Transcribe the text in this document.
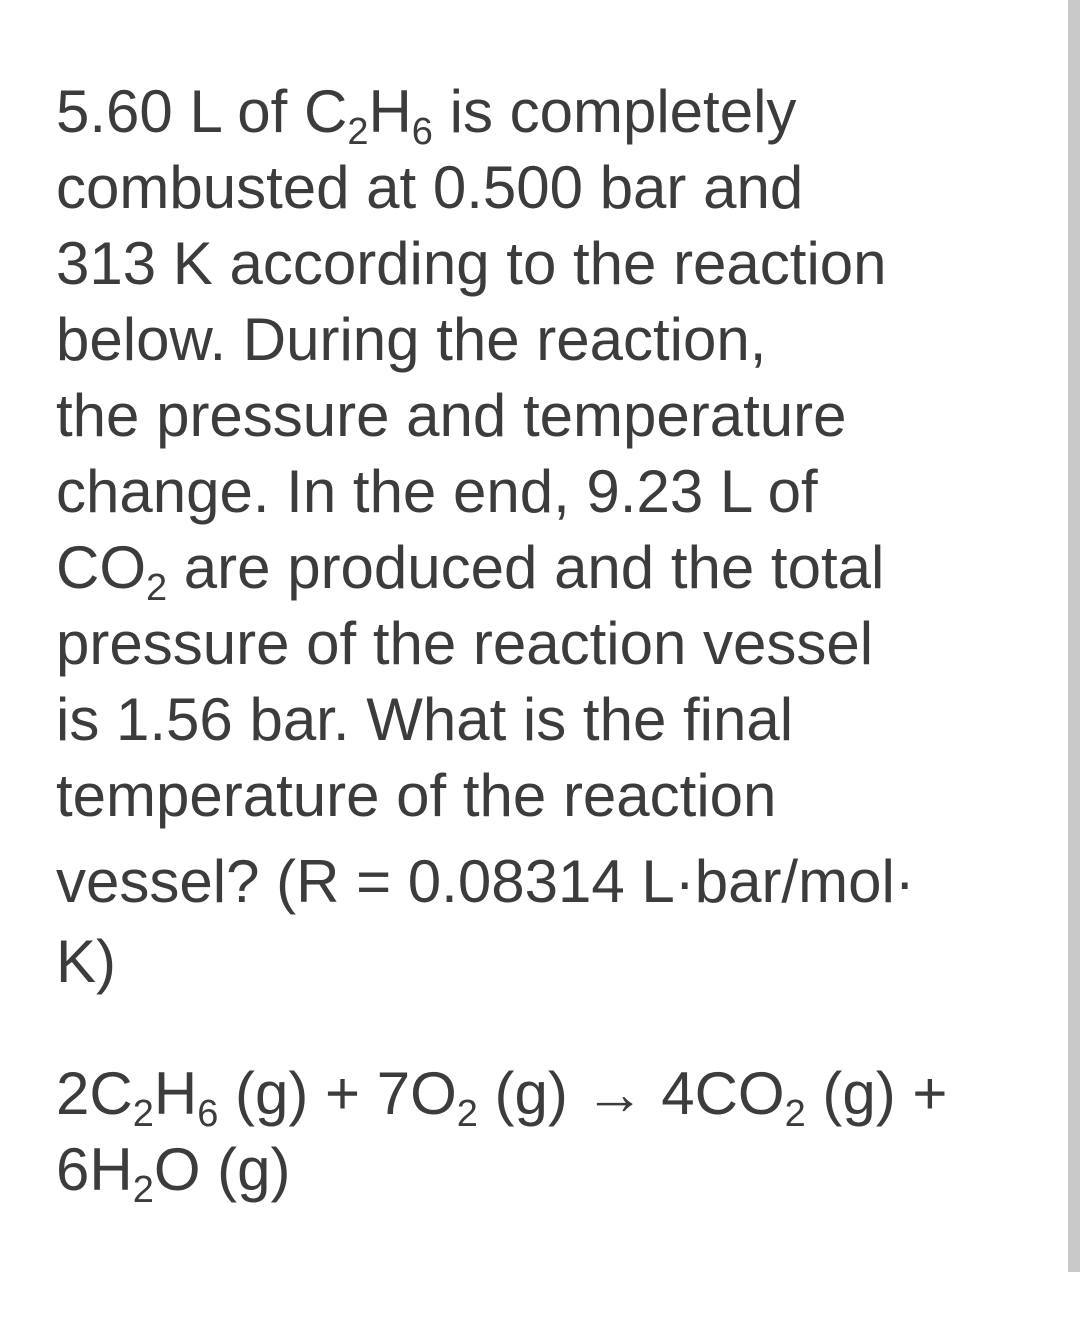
5.60 L of $C_2H_6$ is completely
combusted at 0.500 bar and
313 K according to the reaction
below. During the reaction,
the pressure and temperature
change. In the end, 9.23 L of
$CO_2$ are produced and the total
pressure of the reaction vessel
is 1.56 bar. What is the final
temperature of the reaction
vessel? (R = 0.08314 L·bar/mol·
K)
$2C_2H_6$ $(g) + 7O_2$ $(g) \to 4CO_2$ (g) +
$6H_2O$ (g)
